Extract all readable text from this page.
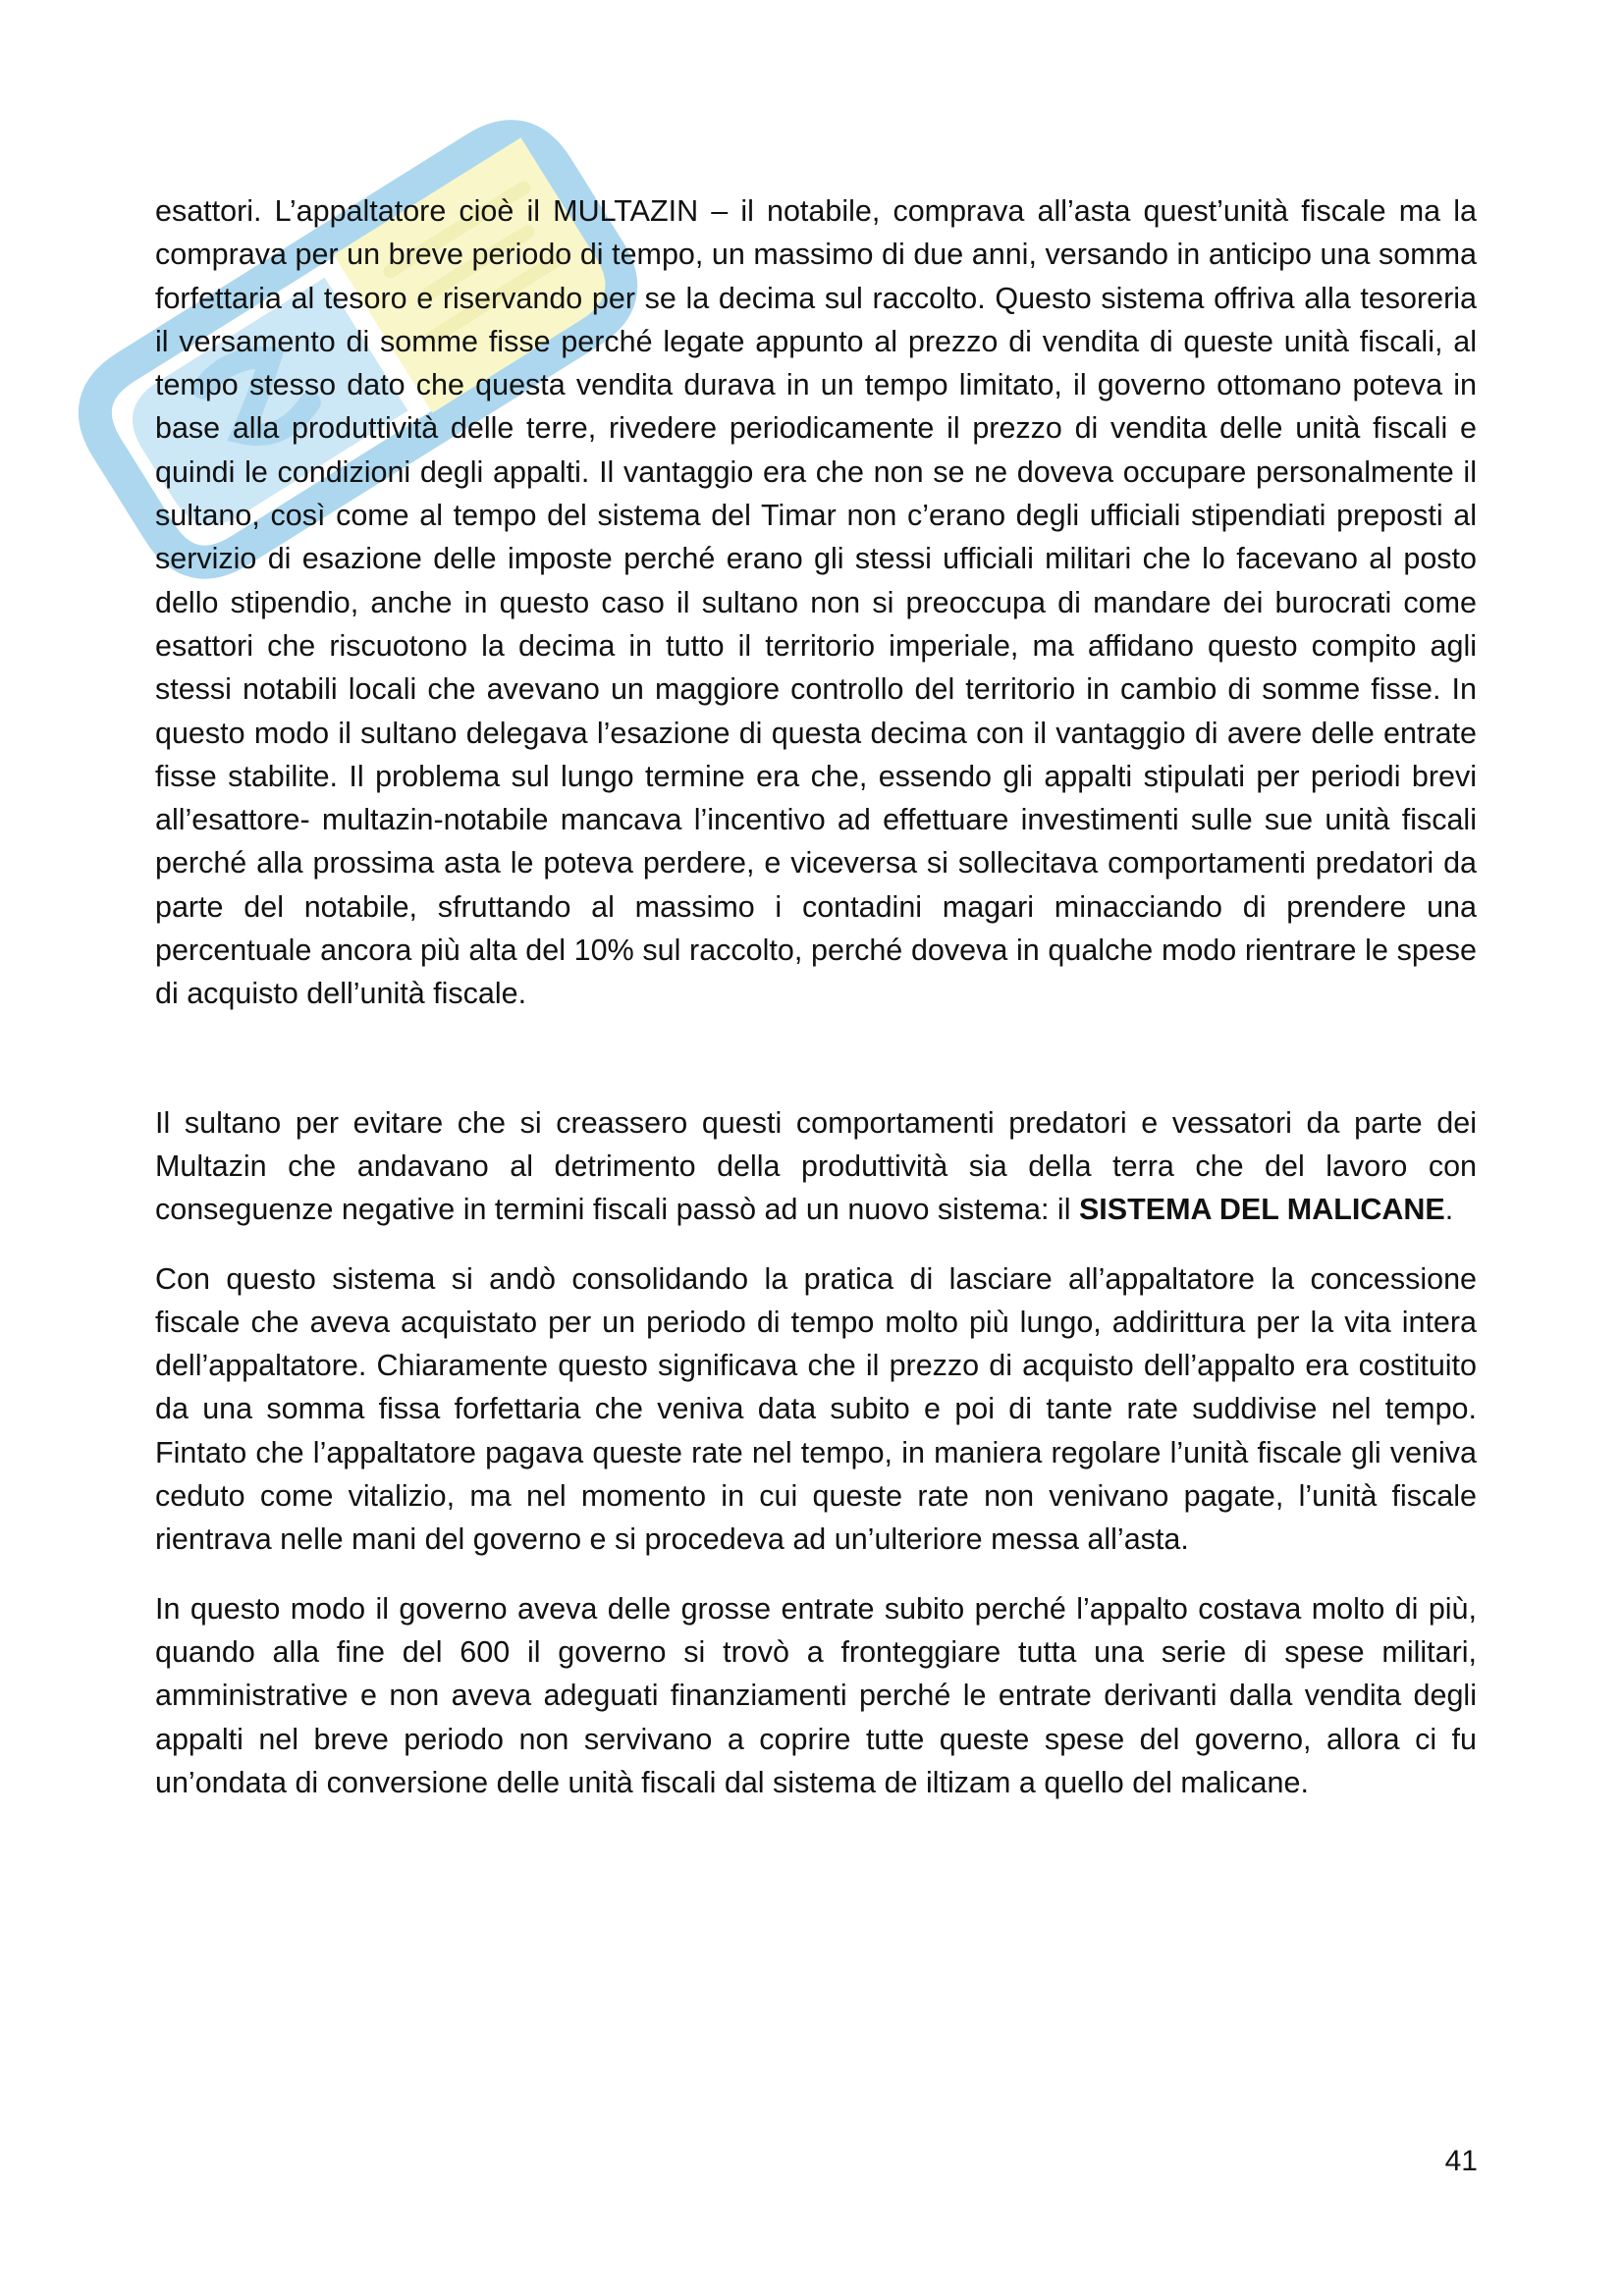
esattori. L’appaltatore cioè il MULTAZIN – il notabile, comprava all’asta quest’unità fiscale ma la comprava per un breve periodo di tempo, un massimo di due anni, versando in anticipo una somma forfettaria al tesoro e riservando per se la decima sul raccolto. Questo sistema offriva alla tesoreria il versamento di somme fisse perché legate appunto al prezzo di vendita di queste unità fiscali, al tempo stesso dato che questa vendita durava in un tempo limitato, il governo ottomano poteva in base alla produttività delle terre, rivedere periodicamente il prezzo di vendita delle unità fiscali e quindi le condizioni degli appalti. Il vantaggio era che non se ne doveva occupare personalmente il sultano, così come al tempo del sistema del Timar non c’erano degli ufficiali stipendiati preposti al servizio di esazione delle imposte perché erano gli stessi ufficiali militari che lo facevano al posto dello stipendio, anche in questo caso il sultano non si preoccupa di mandare dei burocrati come esattori che riscuotono la decima in tutto il territorio imperiale, ma affidano questo compito agli stessi notabili locali che avevano un maggiore controllo del territorio in cambio di somme fisse. In questo modo il sultano delegava l’esazione di questa decima con il vantaggio di avere delle entrate fisse stabilite. Il problema sul lungo termine era che, essendo gli appalti stipulati per periodi brevi all’esattore- multazin-notabile mancava l’incentivo ad effettuare investimenti sulle sue unità fiscali perché alla prossima asta le poteva perdere, e viceversa si sollecitava comportamenti predatori da parte del notabile, sfruttando al massimo i contadini magari minacciando di prendere una percentuale ancora più alta del 10% sul raccolto, perché doveva in qualche modo rientrare le spese di acquisto dell’unità fiscale.

Il sultano per evitare che si creassero questi comportamenti predatori e vessatori da parte dei Multazin che andavano al detrimento della produttività sia della terra che del lavoro con conseguenze negative in termini fiscali passò ad un nuovo sistema: il SISTEMA DEL MALICANE.

Con questo sistema si andò consolidando la pratica di lasciare all’appaltatore la concessione fiscale che aveva acquistato per un periodo di tempo molto più lungo, addirittura per la vita intera dell’appaltatore. Chiaramente questo significava che il prezzo di acquisto dell’appalto era costituito da una somma fissa forfettaria che veniva data subito e poi di tante rate suddivise nel tempo. Fintato che l’appaltatore pagava queste rate nel tempo, in maniera regolare l’unità fiscale gli veniva ceduto come vitalizio, ma nel momento in cui queste rate non venivano pagate, l’unità fiscale rientrava nelle mani del governo e si procedeva ad un’ulteriore messa all’asta.

In questo modo il governo aveva delle grosse entrate subito perché l’appalto costava molto di più, quando alla fine del 600 il governo si trovò a fronteggiare tutta una serie di spese militari, amministrative e non aveva adeguati finanziamenti perché le entrate derivanti dalla vendita degli appalti nel breve periodo non servivano a coprire tutte queste spese del governo, allora ci fu un’ondata di conversione delle unità fiscali dal sistema de iltizam a quello del malicane.

41
